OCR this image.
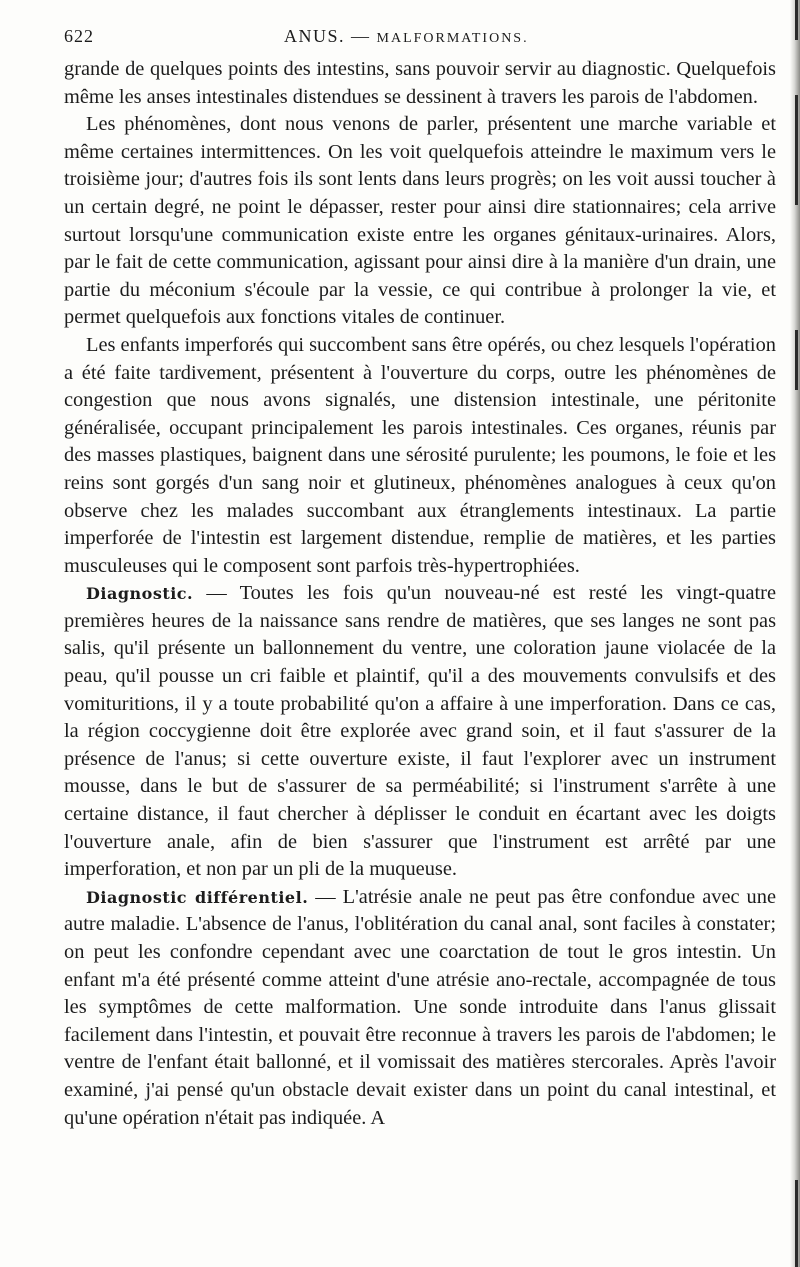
622	ANUS. — MALFORMATIONS.

grande de quelques points des intestins, sans pouvoir servir au diagnostic. Quelquefois même les anses intestinales distendues se dessinent à travers les parois de l'abdomen.

Les phénomènes, dont nous venons de parler, présentent une marche variable et même certaines intermittences. On les voit quelquefois atteindre le maximum vers le troisième jour; d'autres fois ils sont lents dans leurs progrès; on les voit aussi toucher à un certain degré, ne point le dépasser, rester pour ainsi dire stationnaires; cela arrive surtout lorsqu'une communication existe entre les organes génitaux-urinaires. Alors, par le fait de cette communication, agissant pour ainsi dire à la manière d'un drain, une partie du méconium s'écoule par la vessie, ce qui contribue à prolonger la vie, et permet quelquefois aux fonctions vitales de continuer.

Les enfants imperforés qui succombent sans être opérés, ou chez lesquels l'opération a été faite tardivement, présentent à l'ouverture du corps, outre les phénomènes de congestion que nous avons signalés, une distension intestinale, une péritonite généralisée, occupant principalement les parois intestinales. Ces organes, réunis par des masses plastiques, baignent dans une sérosité purulente; les poumons, le foie et les reins sont gorgés d'un sang noir et glutineux, phénomènes analogues à ceux qu'on observe chez les malades succombant aux étranglements intestinaux. La partie imperforée de l'intestin est largement distendue, remplie de matières, et les parties musculeuses qui le composent sont parfois très-hypertrophiées.

Diagnostic. — Toutes les fois qu'un nouveau-né est resté les vingt-quatre premières heures de la naissance sans rendre de matières, que ses langes ne sont pas salis, qu'il présente un ballonnement du ventre, une coloration jaune violacée de la peau, qu'il pousse un cri faible et plaintif, qu'il a des mouvements convulsifs et des vomituritions, il y a toute probabilité qu'on a affaire à une imperforation. Dans ce cas, la région coccygienne doit être explorée avec grand soin, et il faut s'assurer de la présence de l'anus; si cette ouverture existe, il faut l'explorer avec un instrument mousse, dans le but de s'assurer de sa perméabilité; si l'instrument s'arrête à une certaine distance, il faut chercher à déplisser le conduit en écartant avec les doigts l'ouverture anale, afin de bien s'assurer que l'instrument est arrêté par une imperforation, et non par un pli de la muqueuse.

Diagnostic différentiel. — L'atrésie anale ne peut pas être confondue avec une autre maladie. L'absence de l'anus, l'oblitération du canal anal, sont faciles à constater; on peut les confondre cependant avec une coarctation de tout le gros intestin. Un enfant m'a été présenté comme atteint d'une atrésie ano-rectale, accompagnée de tous les symptômes de cette malformation. Une sonde introduite dans l'anus glissait facilement dans l'intestin, et pouvait être reconnue à travers les parois de l'abdomen; le ventre de l'enfant était ballonné, et il vomissait des matières stercorales. Après l'avoir examiné, j'ai pensé qu'un obstacle devait exister dans un point du canal intestinal, et qu'une opération n'était pas indiquée. A
